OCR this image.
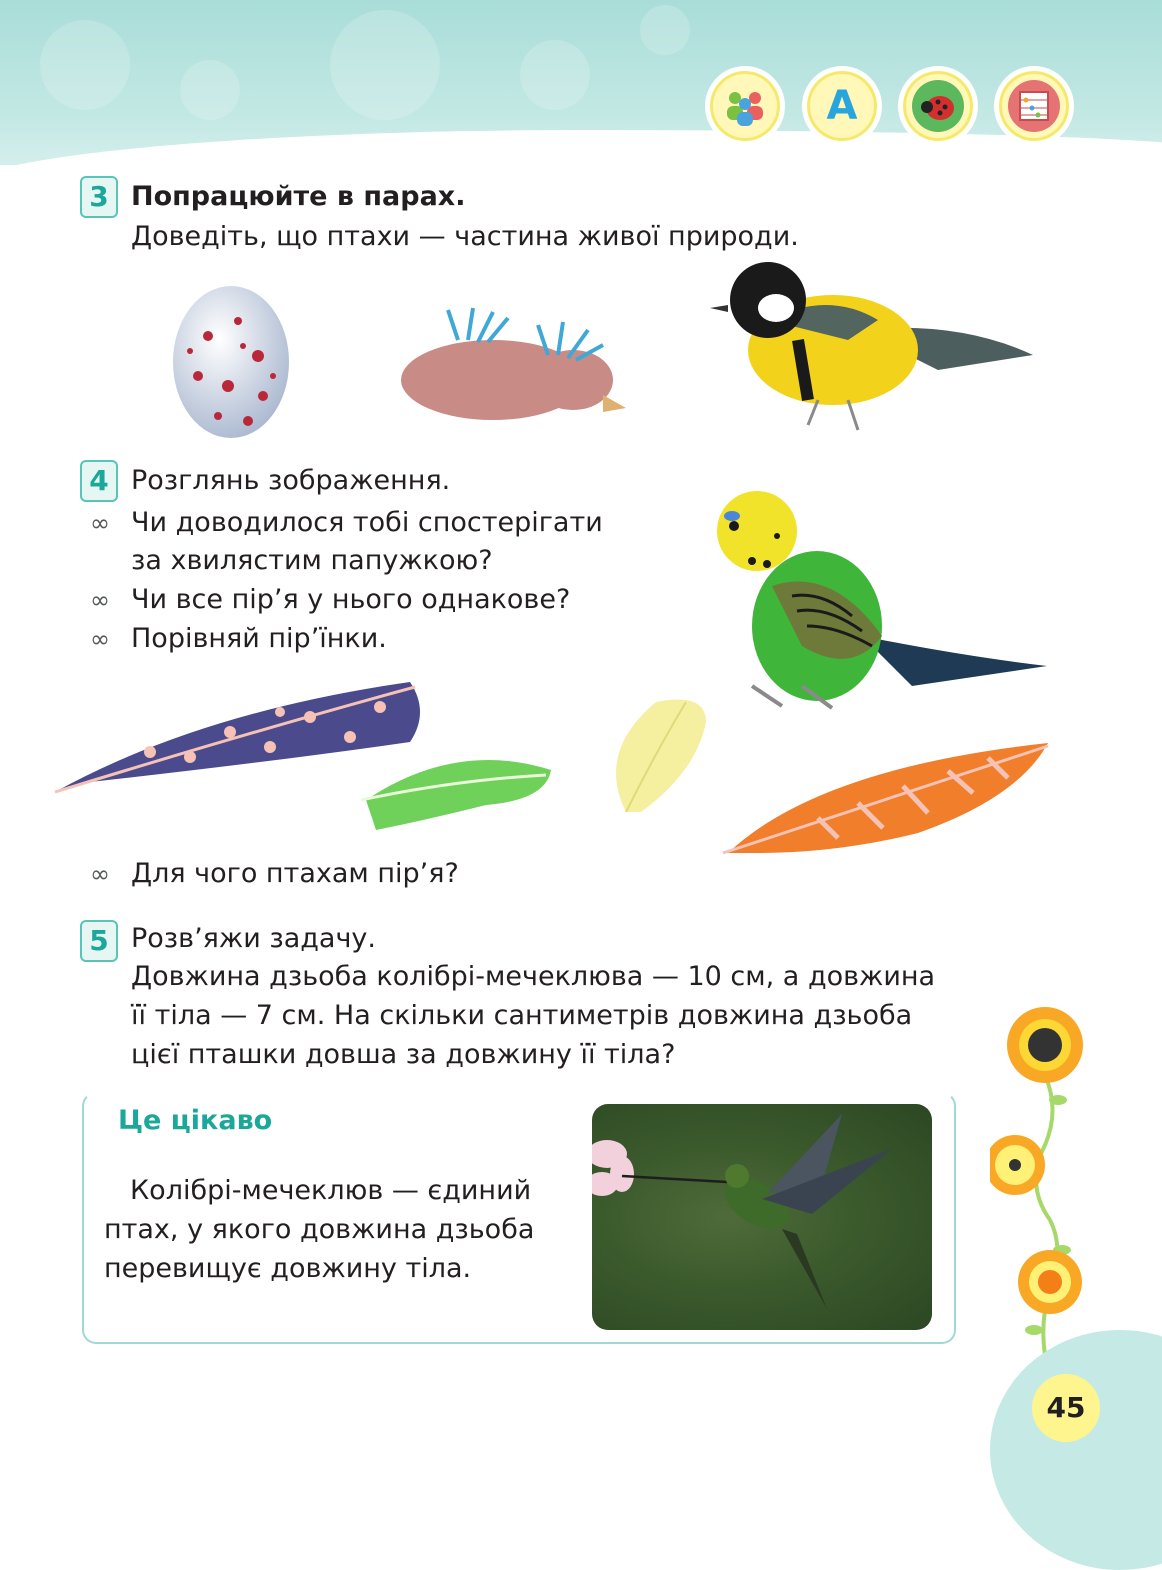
A
3 Попрацюйте в парах.
Доведіть, що птахи — частина живої природи.
4 Розглянь зображення.
∞ Чи доводилося тобі спостерігати
за хвилястим папужкою?
∞ Чи все пір’я у нього однакове?
∞ Порівняй пір’їнки.
∞ Для чого птахам пір’я?
5 Розв’яжи задачу.
Довжина дзьоба колібрі-мечеклюва — 10 см, а довжина
її тіла — 7 см. На скільки сантиметрів довжина дзьоба
цієї пташки довша за довжину її тіла?
Це цікаво
Колібрі-мечеклюв — єдиний
птах, у якого довжина дзьоба
перевищує довжину тіла.
45
